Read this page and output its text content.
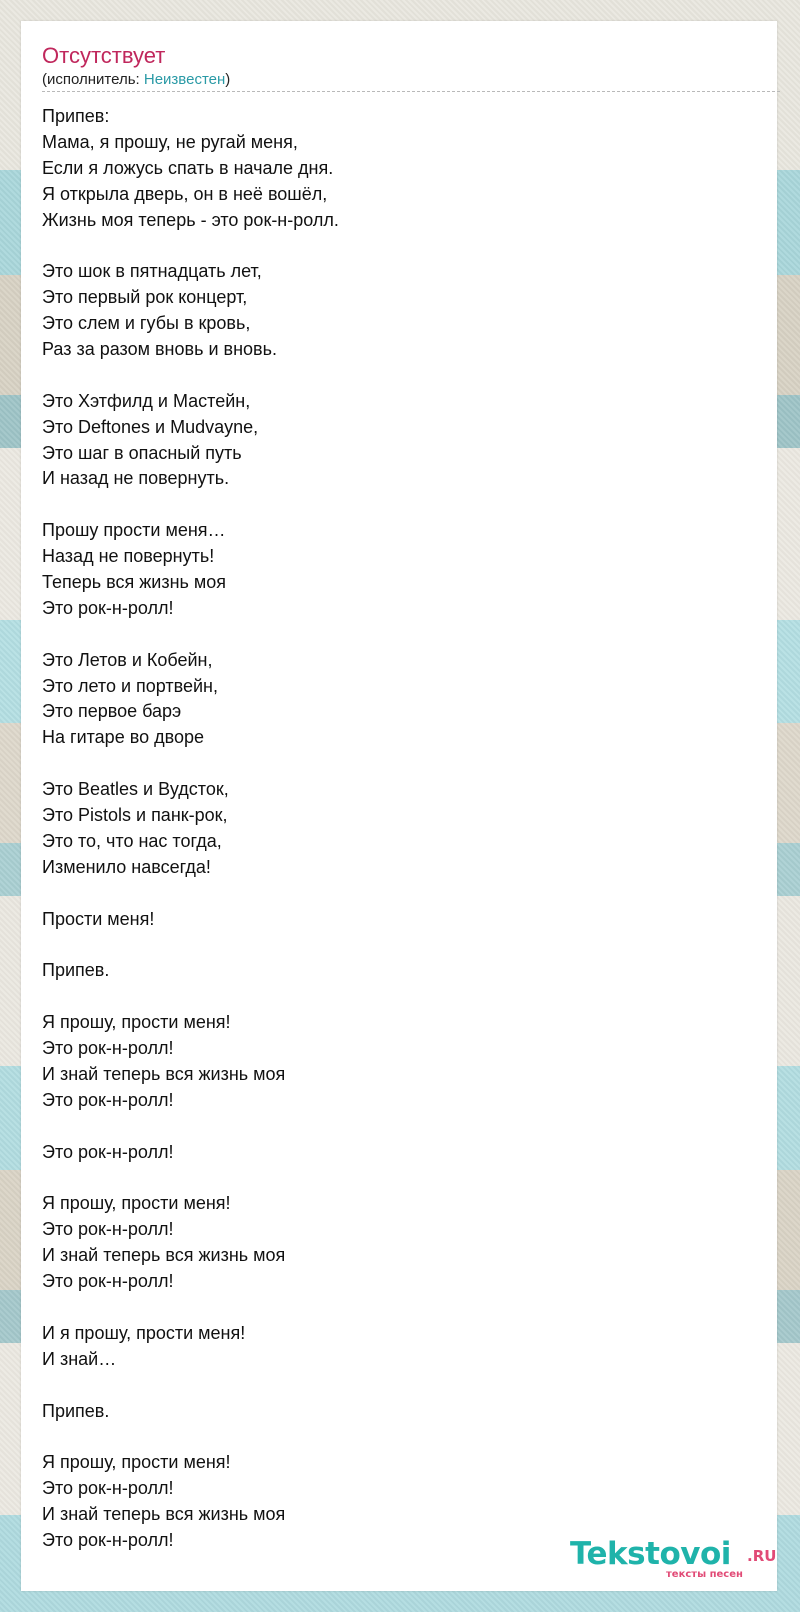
Отсутствует
(исполнитель: Неизвестен)
Припев:
Мама, я прошу, не ругай меня,
Если я ложусь спать в начале дня.
Я открыла дверь, он в неё вошёл,
Жизнь моя теперь - это рок-н-ролл.
Это шок в пятнадцать лет,
Это первый рок концерт,
Это слем и губы в кровь,
Раз за разом вновь и вновь.
Это Хэтфилд и Мастейн,
Это Deftones и Mudvayne,
Это шаг в опасный путь
И назад не повернуть.
Прошу прости меня…
Назад не повернуть!
Теперь вся жизнь моя
Это рок-н-ролл!
Это Летов и Кобейн,
Это лето и портвейн,
Это первое барэ
На гитаре во дворе
Это Beatles и Вудсток,
Это Pistols и панк-рок,
Это то, что нас тогда,
Изменило навсегда!
Прости меня!
Припев.
Я прошу, прости меня!
Это рок-н-ролл!
И знай теперь вся жизнь моя
Это рок-н-ролл!
Это рок-н-ролл!
Я прошу, прости меня!
Это рок-н-ролл!
И знай теперь вся жизнь моя
Это рок-н-ролл!
И я прошу, прости меня!
И знай…
Припев.
Я прошу, прости меня!
Это рок-н-ролл!
И знай теперь вся жизнь моя
Это рок-н-ролл!	Tekstovoi .RU
тексты песен
